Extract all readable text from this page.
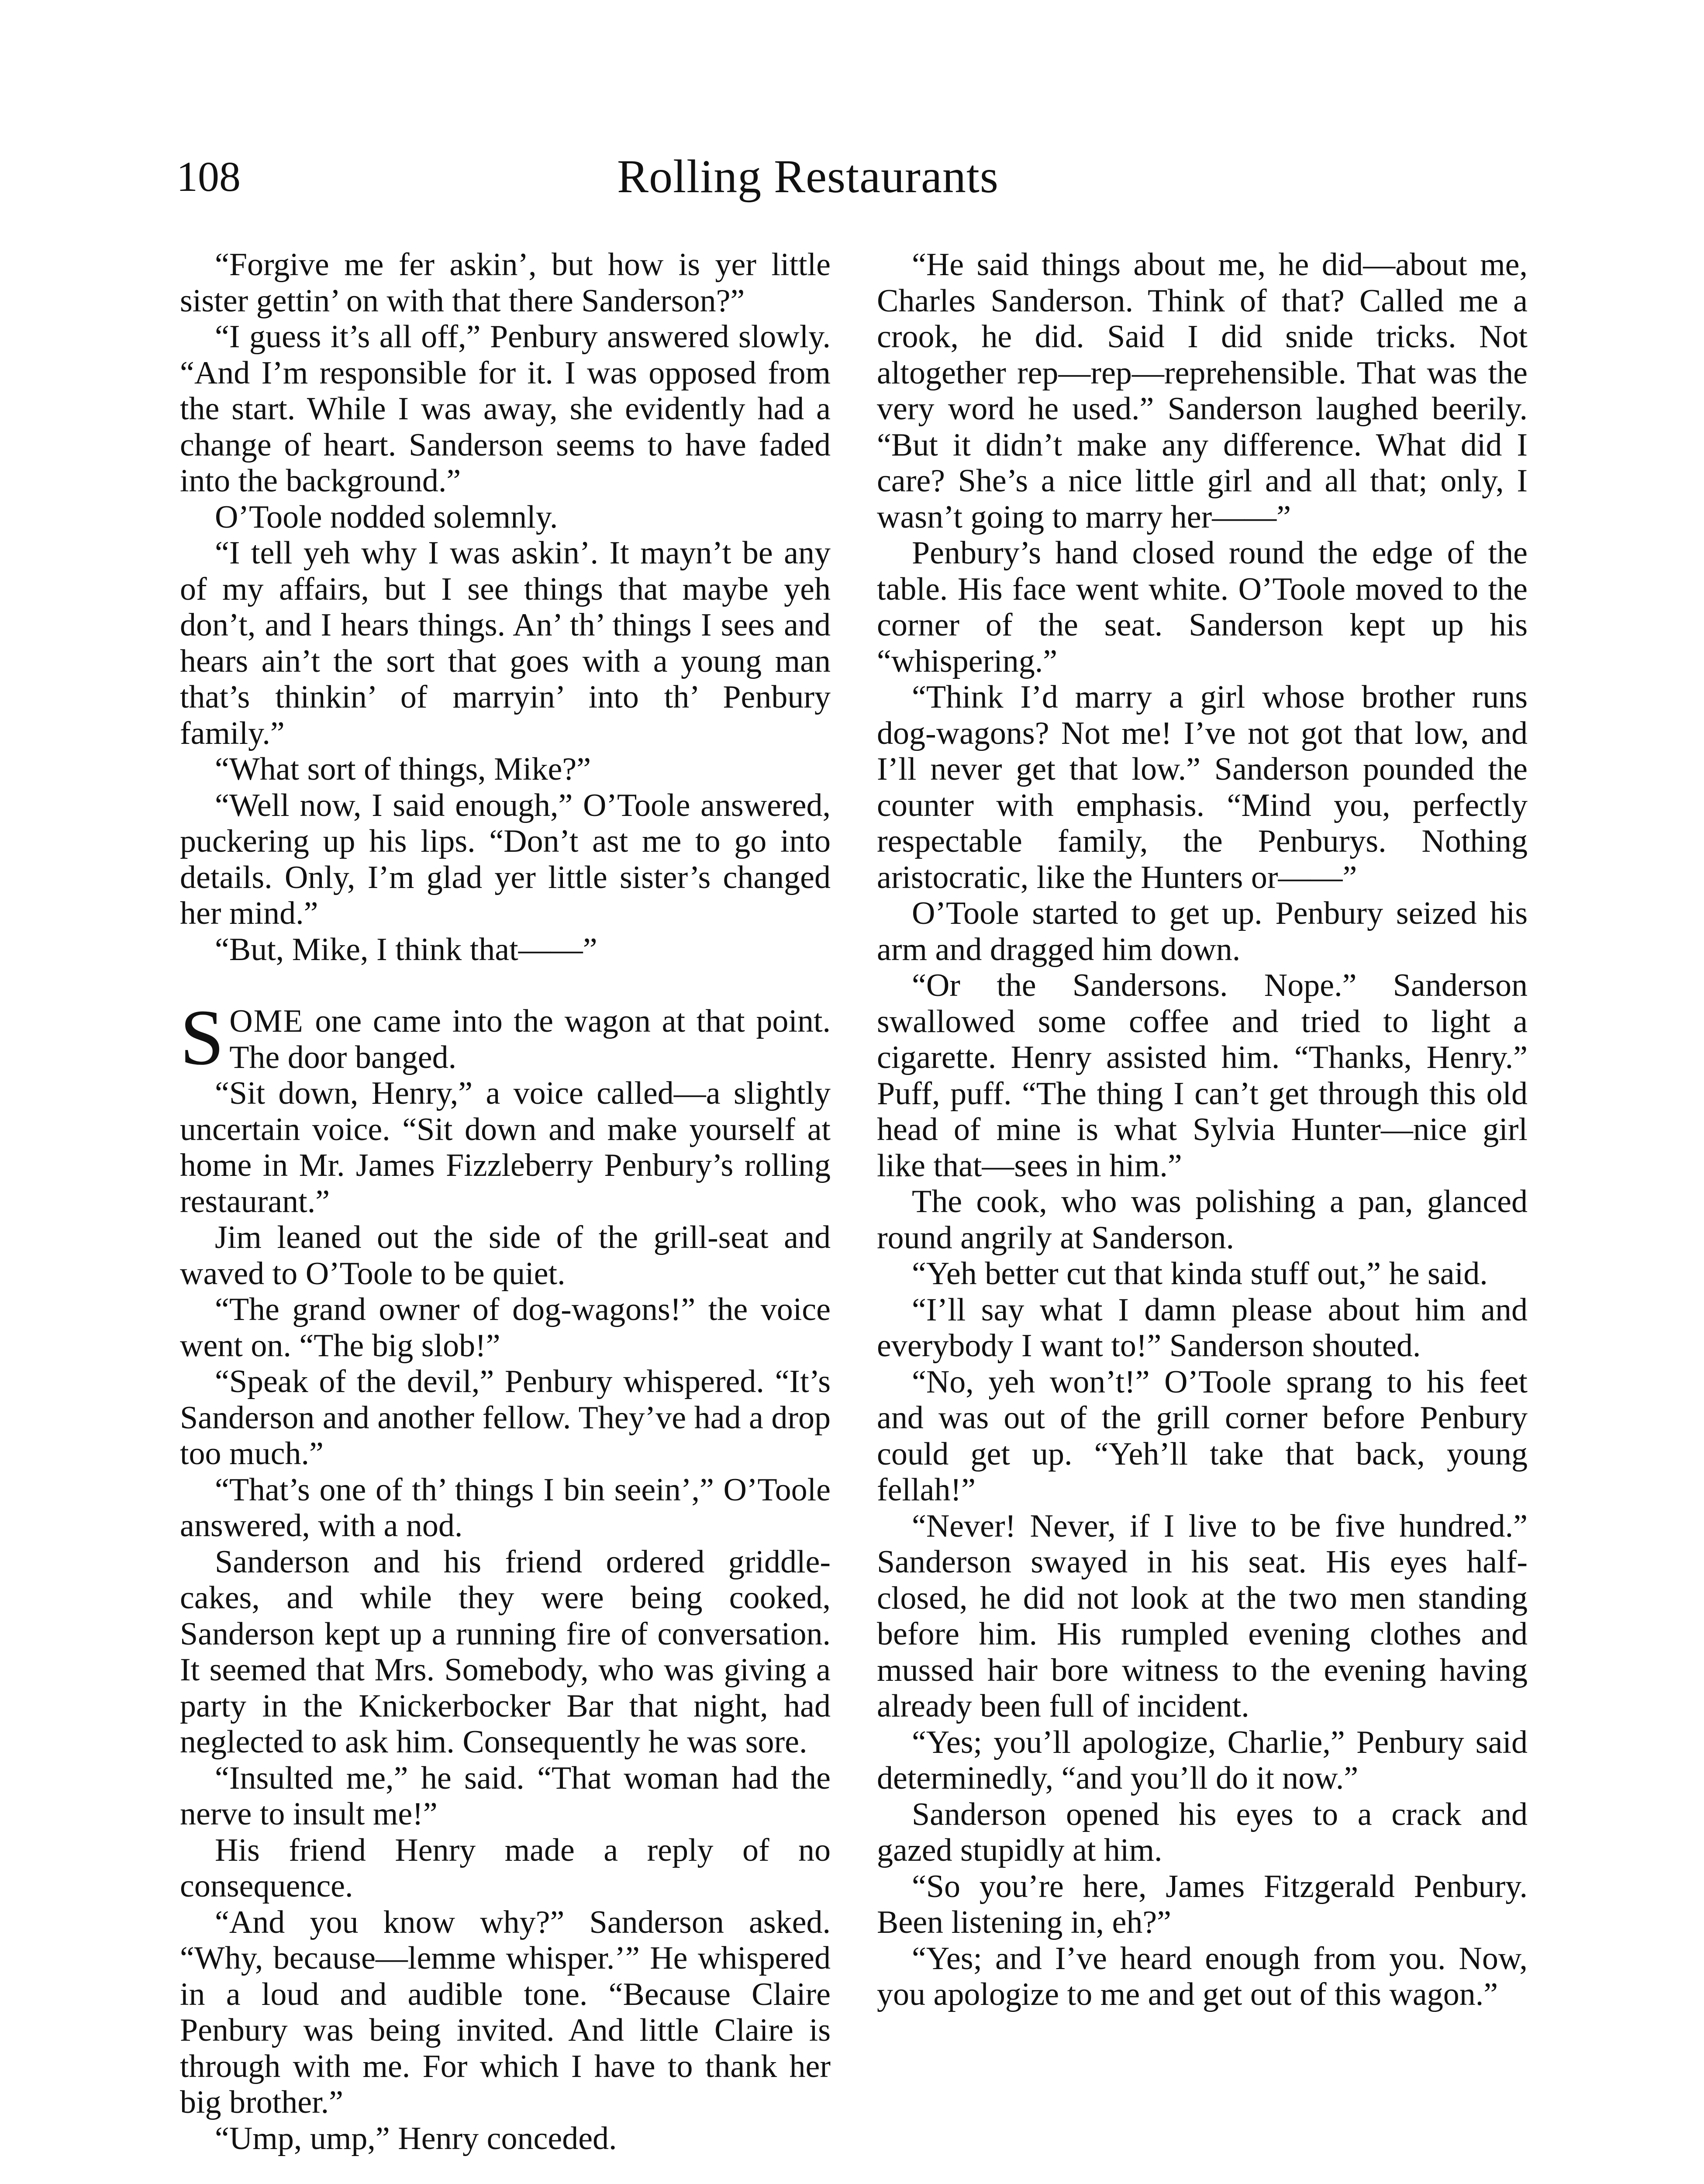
108	Rolling Restaurants

“Forgive me fer askin’, but how is yer little sister gettin’ on with that there Sanderson?”

“I guess it’s all off,” Penbury answered slowly. “And I’m responsible for it. I was opposed from the start. While I was away, she evidently had a change of heart. Sanderson seems to have faded into the background.”

O’Toole nodded solemnly.

“I tell yeh why I was askin’. It mayn’t be any of my affairs, but I see things that maybe yeh don’t, and I hears things. An’ th’ things I sees and hears ain’t the sort that goes with a young man that’s thinkin’ of marryin’ into th’ Penbury family.”

“What sort of things, Mike?”

“Well now, I said enough,” O’Toole answered, puckering up his lips. “Don’t ast me to go into details. Only, I’m glad yer little sister’s changed her mind.”

“But, Mike, I think that——”

SOME one came into the wagon at that point. The door banged.

“Sit down, Henry,” a voice called—a slightly uncertain voice. “Sit down and make yourself at home in Mr. James Fizzleberry Penbury’s rolling restaurant.”

Jim leaned out the side of the grill-seat and waved to O’Toole to be quiet.

“The grand owner of dog-wagons!” the voice went on. “The big slob!”

“Speak of the devil,” Penbury whispered. “It’s Sanderson and another fellow. They’ve had a drop too much.”

“That’s one of th’ things I bin seein’,” O’Toole answered, with a nod.

Sanderson and his friend ordered griddle-cakes, and while they were being cooked, Sanderson kept up a running fire of conversation. It seemed that Mrs. Somebody, who was giving a party in the Knickerbocker Bar that night, had neglected to ask him. Consequently he was sore.

“Insulted me,” he said. “That woman had the nerve to insult me!”

His friend Henry made a reply of no consequence.

“And you know why?” Sanderson asked. “Why, because—lemme whisper.’” He whispered in a loud and audible tone. “Because Claire Penbury was being invited. And little Claire is through with me. For which I have to thank her big brother.”

“Ump, ump,” Henry conceded.

“He said things about me, he did—about me, Charles Sanderson. Think of that? Called me a crook, he did. Said I did snide tricks. Not altogether rep—rep—reprehensible. That was the very word he used.” Sanderson laughed beerily. “But it didn’t make any difference. What did I care? She’s a nice little girl and all that; only, I wasn’t going to marry her——”

Penbury’s hand closed round the edge of the table. His face went white. O’Toole moved to the corner of the seat. Sanderson kept up his “whispering.”

“Think I’d marry a girl whose brother runs dog-wagons? Not me! I’ve not got that low, and I’ll never get that low.” Sanderson pounded the counter with emphasis. “Mind you, perfectly respectable family, the Penburys. Nothing aristocratic, like the Hunters or——”

O’Toole started to get up. Penbury seized his arm and dragged him down.

“Or the Sandersons. Nope.” Sanderson swallowed some coffee and tried to light a cigarette. Henry assisted him. “Thanks, Henry.” Puff, puff. “The thing I can’t get through this old head of mine is what Sylvia Hunter—nice girl like that—sees in him.”

The cook, who was polishing a pan, glanced round angrily at Sanderson.

“Yeh better cut that kinda stuff out,” he said.

“I’ll say what I damn please about him and everybody I want to!” Sanderson shouted.

“No, yeh won’t!” O’Toole sprang to his feet and was out of the grill corner before Penbury could get up. “Yeh’ll take that back, young fellah!”

“Never! Never, if I live to be five hundred.” Sanderson swayed in his seat. His eyes half-closed, he did not look at the two men standing before him. His rumpled evening clothes and mussed hair bore witness to the evening having already been full of incident.

“Yes; you’ll apologize, Charlie,” Penbury said determinedly, “and you’ll do it now.”

Sanderson opened his eyes to a crack and gazed stupidly at him.

“So you’re here, James Fitzgerald Penbury. Been listening in, eh?”

“Yes; and I’ve heard enough from you. Now, you apologize to me and get out of this wagon.”
